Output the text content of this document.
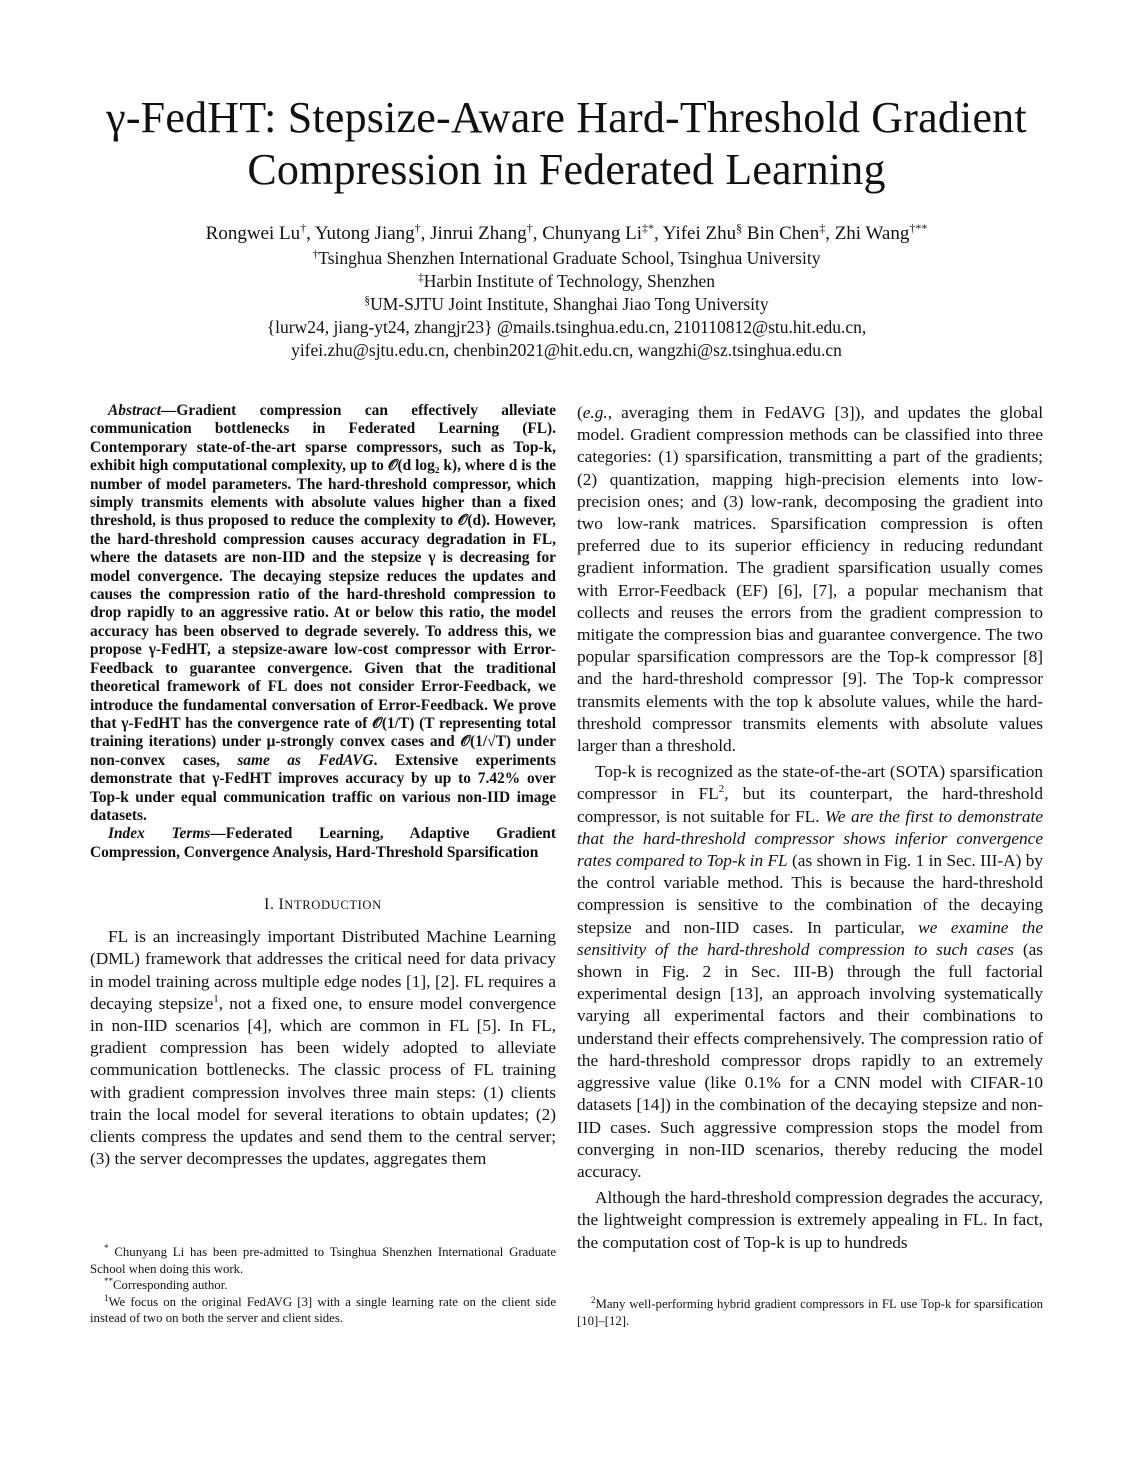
γ-FedHT: Stepsize-Aware Hard-Threshold Gradient
Compression in Federated Learning
Rongwei Lu†, Yutong Jiang†, Jinrui Zhang†, Chunyang Li‡*, Yifei Zhu§ Bin Chen‡, Zhi Wang†**
†Tsinghua Shenzhen International Graduate School, Tsinghua University
‡Harbin Institute of Technology, Shenzhen
§UM-SJTU Joint Institute, Shanghai Jiao Tong University
{lurw24, jiang-yt24, zhangjr23} @mails.tsinghua.edu.cn, 210110812@stu.hit.edu.cn,
yifei.zhu@sjtu.edu.cn, chenbin2021@hit.edu.cn, wangzhi@sz.tsinghua.edu.cn

Abstract—Gradient compression can effectively alleviate communication bottlenecks in Federated Learning (FL). Contemporary state-of-the-art sparse compressors, such as Top-k, exhibit high computational complexity, up to 𝒪(d log₂ k), where d is the number of model parameters. The hard-threshold compressor, which simply transmits elements with absolute values higher than a fixed threshold, is thus proposed to reduce the complexity to 𝒪(d). However, the hard-threshold compression causes accuracy degradation in FL, where the datasets are non-IID and the stepsize γ is decreasing for model convergence. The decaying stepsize reduces the updates and causes the compression ratio of the hard-threshold compression to drop rapidly to an aggressive ratio. At or below this ratio, the model accuracy has been observed to degrade severely. To address this, we propose γ-FedHT, a stepsize-aware low-cost compressor with Error-Feedback to guarantee convergence. Given that the traditional theoretical framework of FL does not consider Error-Feedback, we introduce the fundamental conversation of Error-Feedback. We prove that γ-FedHT has the convergence rate of 𝒪(1/T) (T representing total training iterations) under μ-strongly convex cases and 𝒪(1/√T) under non-convex cases, same as FedAVG. Extensive experiments demonstrate that γ-FedHT improves accuracy by up to 7.42% over Top-k under equal communication traffic on various non-IID image datasets.

Index Terms—Federated Learning, Adaptive Gradient Compression, Convergence Analysis, Hard-Threshold Sparsification

I. INTRODUCTION

FL is an increasingly important Distributed Machine Learning (DML) framework that addresses the critical need for data privacy in model training across multiple edge nodes [1], [2]. FL requires a decaying stepsize$^1$, not a fixed one, to ensure model convergence in non-IID scenarios [4], which are common in FL [5]. In FL, gradient compression has been widely adopted to alleviate communication bottlenecks. The classic process of FL training with gradient compression involves three main steps: (1) clients train the local model for several iterations to obtain updates; (2) clients compress the updates and send them to the central server; (3) the server decompresses the updates, aggregates them

(e.g., averaging them in FedAVG [3]), and updates the global model. Gradient compression methods can be classified into three categories: (1) sparsification, transmitting a part of the gradients; (2) quantization, mapping high-precision elements into low-precision ones; and (3) low-rank, decomposing the gradient into two low-rank matrices. Sparsification compression is often preferred due to its superior efficiency in reducing redundant gradient information. The gradient sparsification usually comes with Error-Feedback (EF) [6], [7], a popular mechanism that collects and reuses the errors from the gradient compression to mitigate the compression bias and guarantee convergence. The two popular sparsification compressors are the Top-k compressor [8] and the hard-threshold compressor [9]. The Top-k compressor transmits elements with the top k absolute values, while the hard-threshold compressor transmits elements with absolute values larger than a threshold.

Top-k is recognized as the state-of-the-art (SOTA) sparsification compressor in $FL^2$, but its counterpart, the hard-threshold compressor, is not suitable for FL. We are the first to demonstrate that the hard-threshold compressor shows inferior convergence rates compared to Top-k in FL (as shown in Fig. 1 in Sec. III-A) by the control variable method. This is because the hard-threshold compression is sensitive to the combination of the decaying stepsize and non-IID cases. In particular, we examine the sensitivity of the hard-threshold compression to such cases (as shown in Fig. 2 in Sec. III-B) through the full factorial experimental design [13], an approach involving systematically varying all experimental factors and their combinations to understand their effects comprehensively. The compression ratio of the hard-threshold compressor drops rapidly to an extremely aggressive value (like 0.1% for a CNN model with CIFAR-10 datasets [14]) in the combination of the decaying stepsize and non-IID cases. Such aggressive compression stops the model from converging in non-IID scenarios, thereby reducing the model accuracy.

Although the hard-threshold compression degrades the accuracy, the lightweight compression is extremely appealing in FL. In fact, the computation cost of Top-k is up to hundreds

* Chunyang Li has been pre-admitted to Tsinghua Shenzhen International Graduate School when doing this work.

**Corresponding author.

$^1$We focus on the original FedAVG [3] with a single learning rate on the client side instead of two on both the server and client sides.

$^2$Many well-performing hybrid gradient compressors in FL use Top-k for sparsification [10]–[12].
